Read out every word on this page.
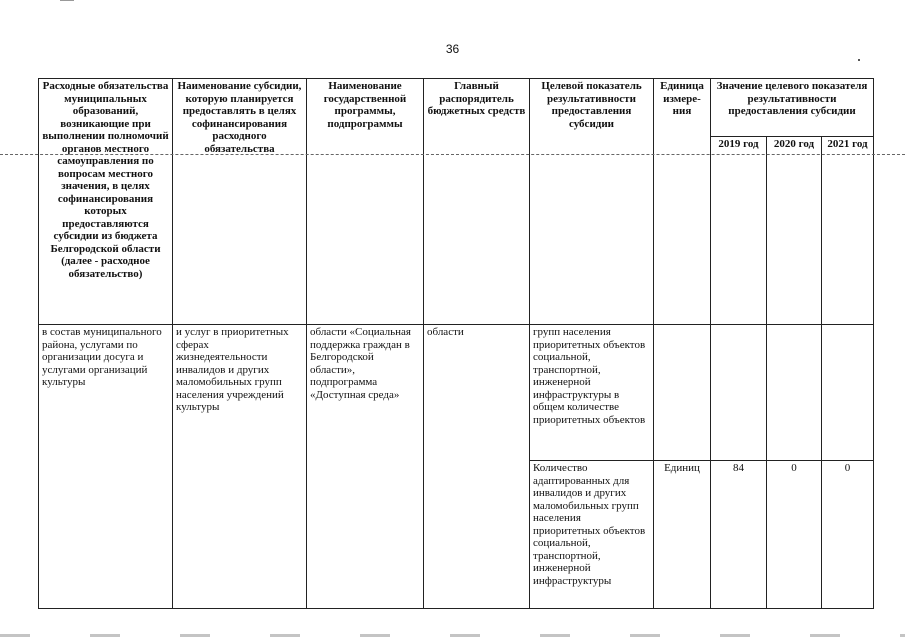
36
Расходные обязательства муниципальных образований, возникающие при выполнении полномочий органов местного самоуправления по вопросам местного значения, в целях софинансирования которых предоставляются субсидии из бюджета Белгородской области (далее - расходное обязательство)	Наименование субсидии, которую планируется предоставлять в целях софинансирования расходного обязательства	Наименование государственной программы, подпрограммы	Главный распорядитель бюджетных средств	Целевой показатель результативности предоставления субсидии	Единица измере-ния	Значение целевого показателя результативности предоставления субсидии		
						2019 год	2020 год	2021 год
в состав муниципального района, услугами по организации досуга и услугами организаций культуры	и услуг в приоритетных сферах жизнедеятельности инвалидов и других маломобильных групп населения учреждений культуры	области «Социальная поддержка граждан в Белгородской области», подпрограмма «Доступная среда»	области	групп населения приоритетных объектов социальной, транспортной, инженерной инфраструктуры в общем количестве приоритетных объектов				
				Количество адаптированных для инвалидов и других маломобильных групп населения приоритетных объектов социальной, транспортной, инженерной инфраструктуры	Единиц	84	0	0
